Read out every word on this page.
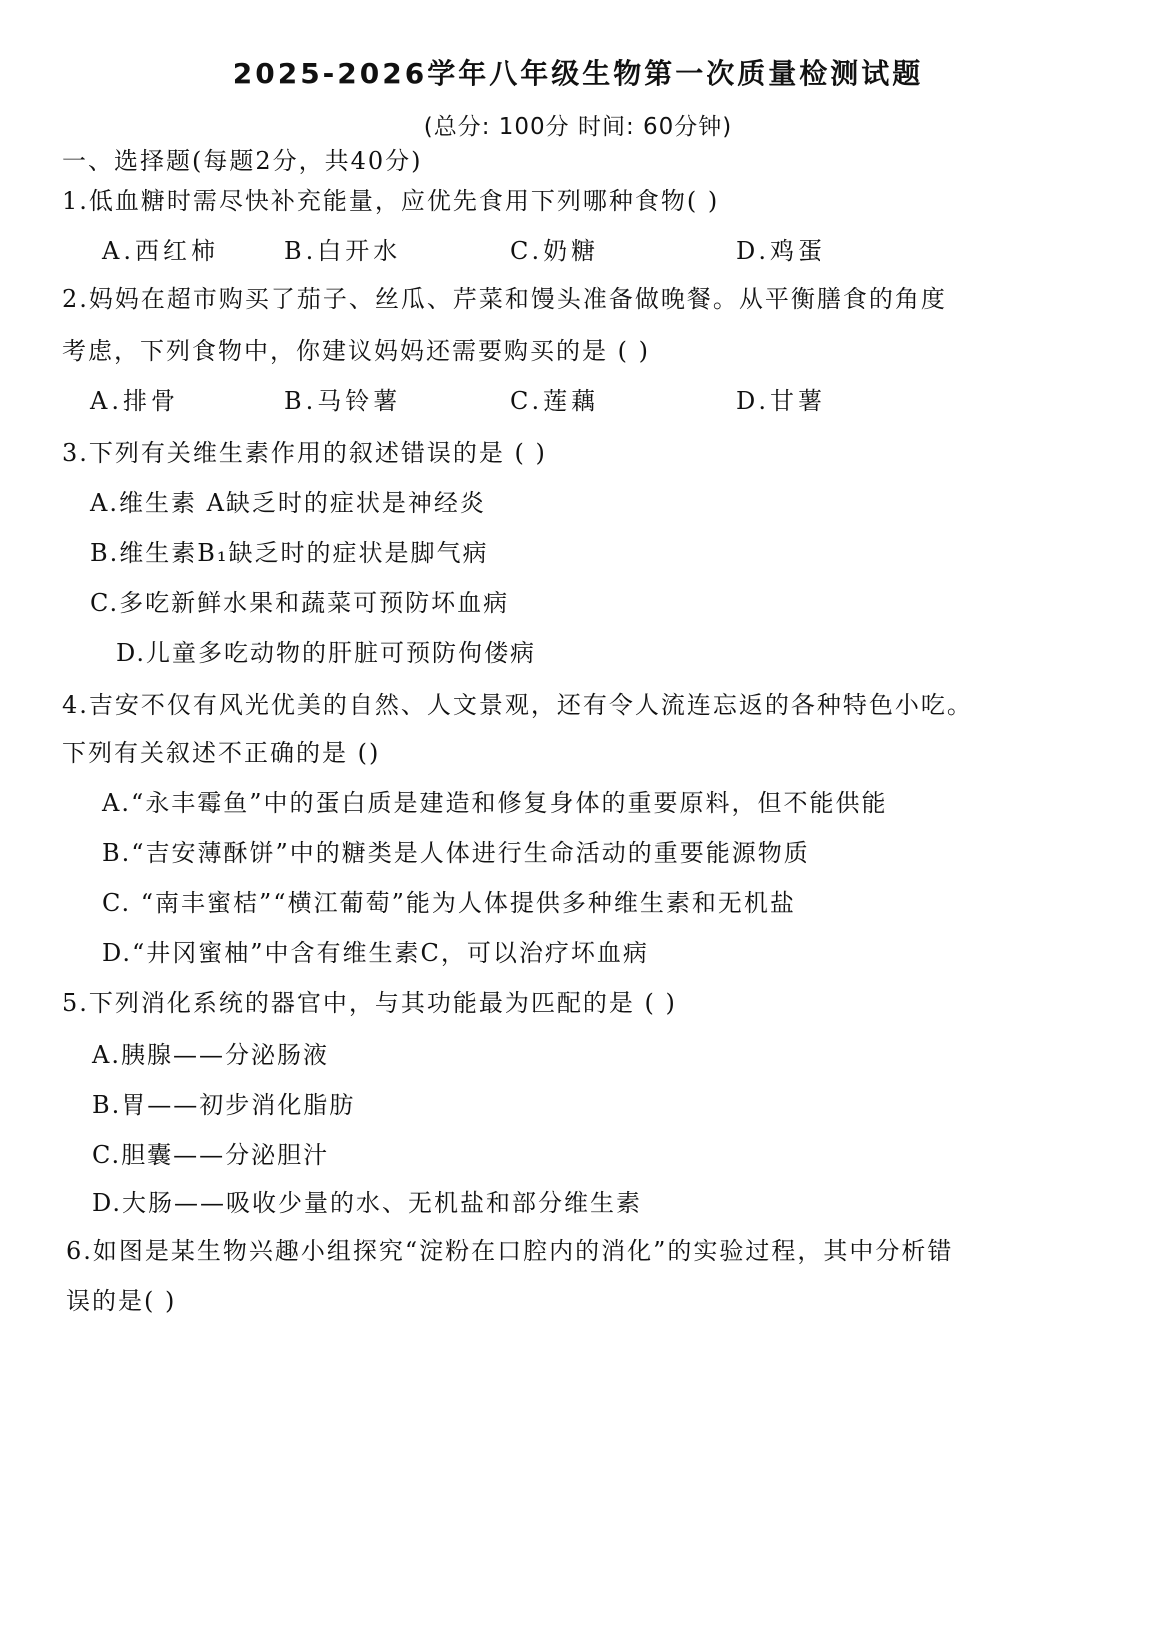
2025-2026学年八年级生物第一次质量检测试题
(总分: 100分 时间: 60分钟)
一、选择题(每题2分，共40分)
1.低血糖时需尽快补充能量，应优先食用下列哪种食物( )
A.西红柿	B.白开水	C.奶糖	D.鸡蛋
2.妈妈在超市购买了茄子、丝瓜、芹菜和馒头准备做晚餐。从平衡膳食的角度
考虑，下列食物中，你建议妈妈还需要购买的是 ( )
A.排骨	B.马铃薯	C.莲藕	D.甘薯
3.下列有关维生素作用的叙述错误的是 ( )
A.维生素 A缺乏时的症状是神经炎
B.维生素B₁缺乏时的症状是脚气病
C.多吃新鲜水果和蔬菜可预防坏血病
D.儿童多吃动物的肝脏可预防佝偻病
4.吉安不仅有风光优美的自然、人文景观，还有令人流连忘返的各种特色小吃。
下列有关叙述不正确的是 ()
A.“永丰霉鱼”中的蛋白质是建造和修复身体的重要原料，但不能供能
B.“吉安薄酥饼”中的糖类是人体进行生命活动的重要能源物质
C. “南丰蜜桔”“横江葡萄”能为人体提供多种维生素和无机盐
D.“井冈蜜柚”中含有维生素C，可以治疗坏血病
5.下列消化系统的器官中，与其功能最为匹配的是 ( )
A.胰腺——分泌肠液
B.胃——初步消化脂肪
C.胆囊——分泌胆汁
D.大肠——吸收少量的水、无机盐和部分维生素
6.如图是某生物兴趣小组探究“淀粉在口腔内的消化”的实验过程，其中分析错
误的是( )
